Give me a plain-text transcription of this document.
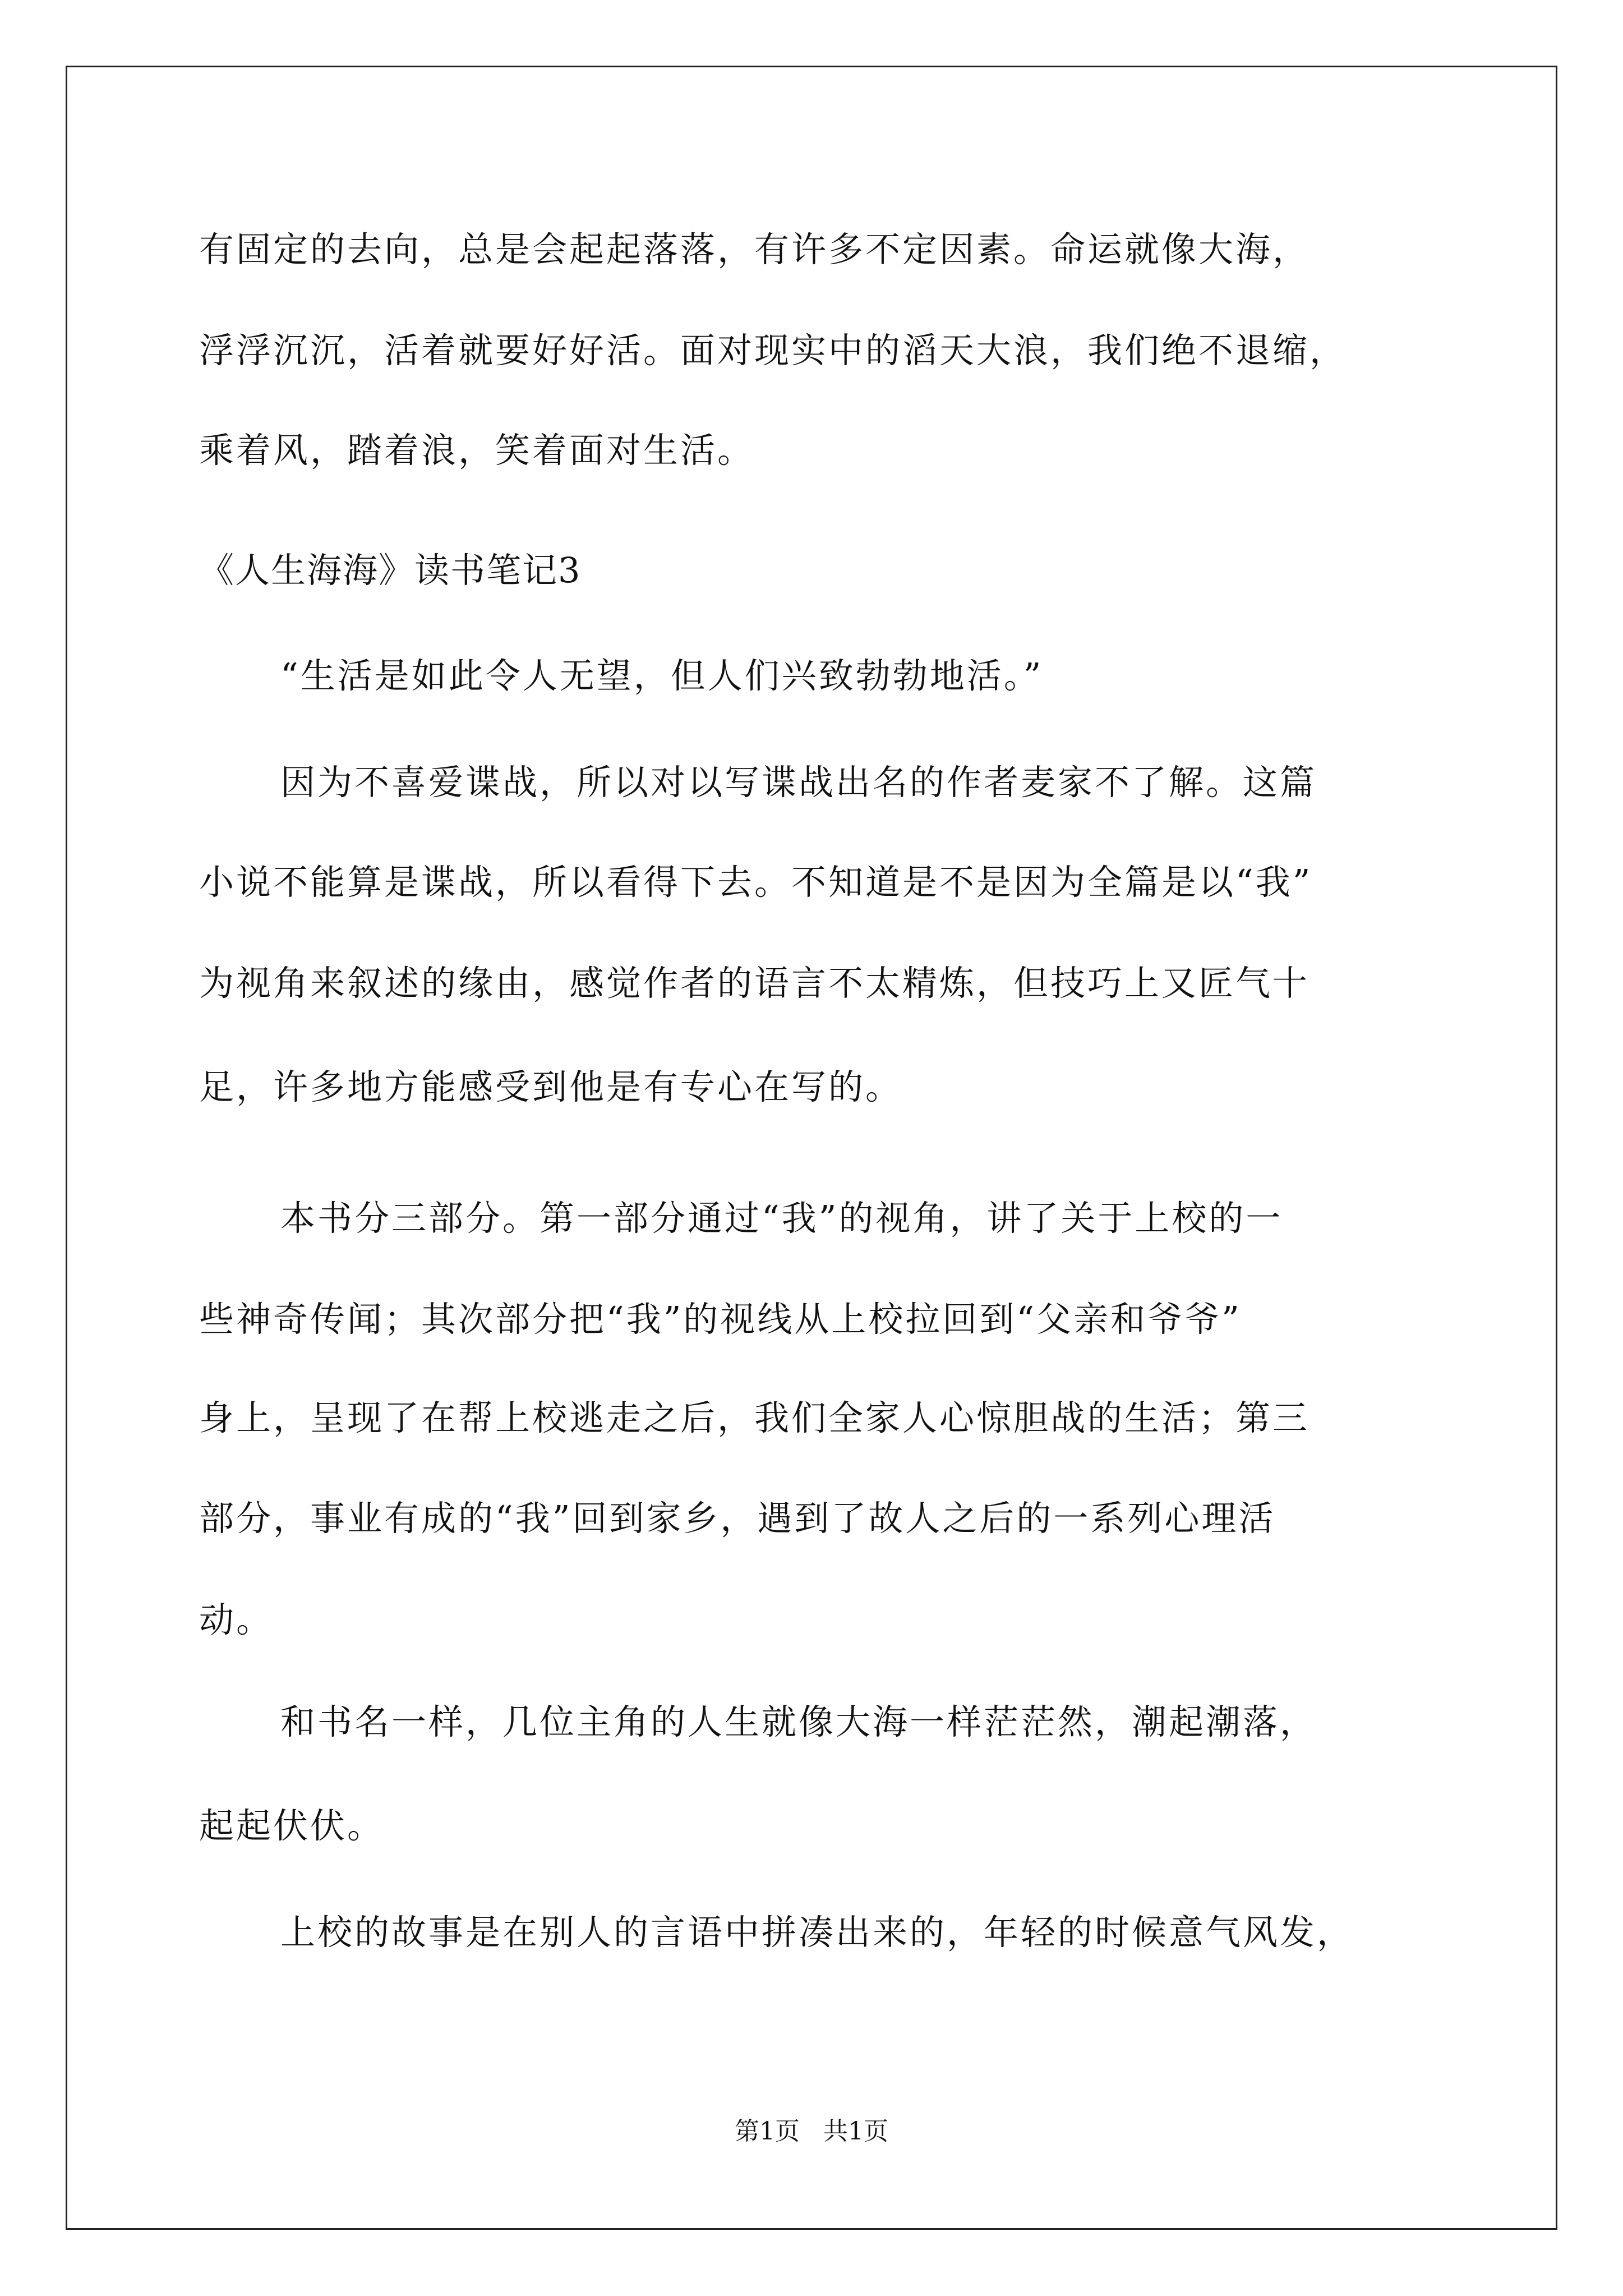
有固定的去向，总是会起起落落，有许多不定因素。命运就像大海，
浮浮沉沉，活着就要好好活。面对现实中的滔天大浪，我们绝不退缩，
乘着风，踏着浪，笑着面对生活。
《人生海海》读书笔记3
“生活是如此令人无望，但人们兴致勃勃地活。”
因为不喜爱谍战，所以对以写谍战出名的作者麦家不了解。这篇
小说不能算是谍战，所以看得下去。不知道是不是因为全篇是以“我”
为视角来叙述的缘由，感觉作者的语言不太精炼，但技巧上又匠气十
足，许多地方能感受到他是有专心在写的。
本书分三部分。第一部分通过“我”的视角，讲了关于上校的一
些神奇传闻；其次部分把“我”的视线从上校拉回到“父亲和爷爷”
身上，呈现了在帮上校逃走之后，我们全家人心惊胆战的生活；第三
部分，事业有成的“我”回到家乡，遇到了故人之后的一系列心理活
动。
和书名一样，几位主角的人生就像大海一样茫茫然，潮起潮落，
起起伏伏。
上校的故事是在别人的言语中拼凑出来的，年轻的时候意气风发，
第1页   共1页
